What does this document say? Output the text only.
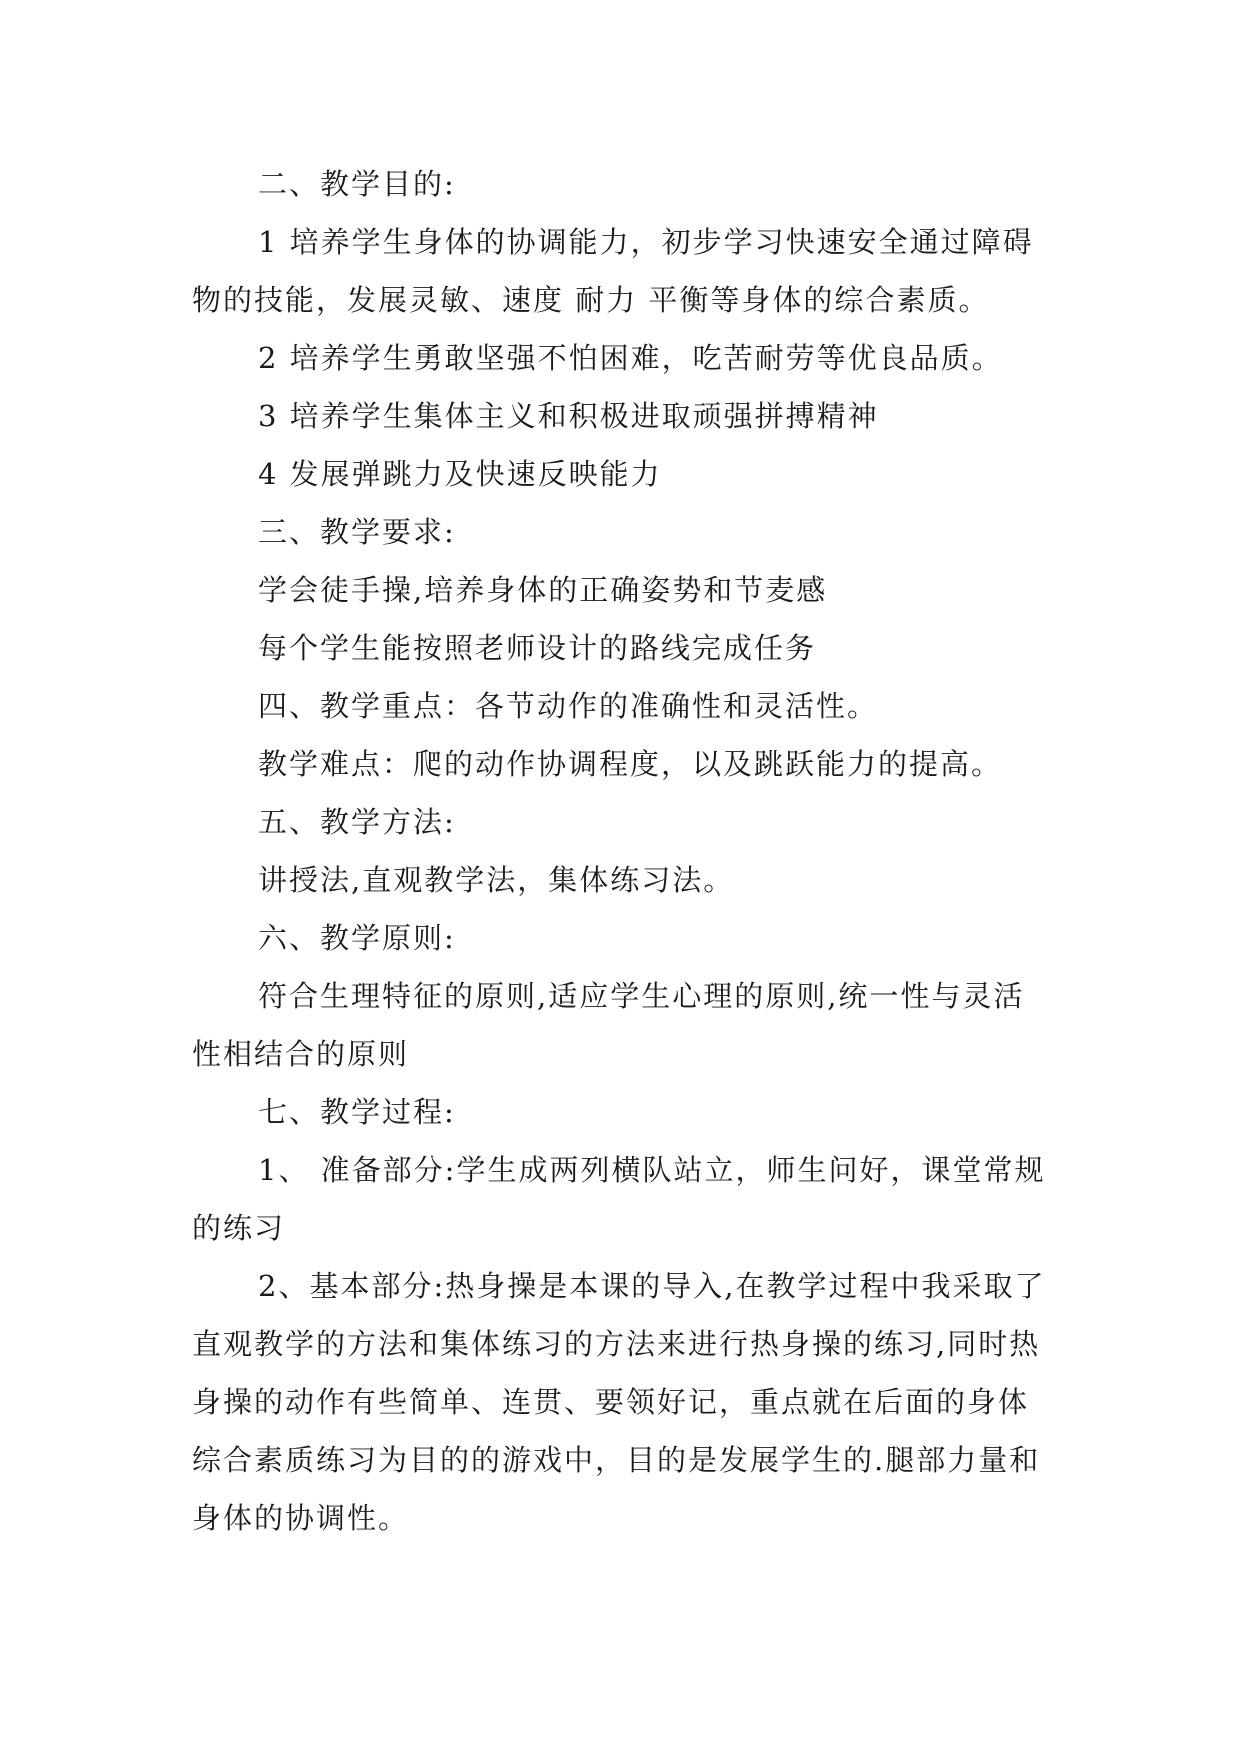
二、教学目的:

1 培养学生身体的协调能力，初步学习快速安全通过障碍物的技能，发展灵敏、速度 耐力 平衡等身体的综合素质。

2 培养学生勇敢坚强不怕困难，吃苦耐劳等优良品质。

3 培养学生集体主义和积极进取顽强拼搏精神

4 发展弹跳力及快速反映能力

三、教学要求:

学会徒手操,培养身体的正确姿势和节麦感

每个学生能按照老师设计的路线完成任务

四、教学重点：各节动作的准确性和灵活性。

教学难点：爬的动作协调程度，以及跳跃能力的提高。

五、教学方法:

讲授法,直观教学法，集体练习法。

六、教学原则:

符合生理特征的原则,适应学生心理的原则,统一性与灵活性相结合的原则

七、教学过程:

1、 准备部分:学生成两列横队站立，师生问好，课堂常规的练习

2、基本部分:热身操是本课的导入,在教学过程中我采取了直观教学的方法和集体练习的方法来进行热身操的练习,同时热身操的动作有些简单、连贯、要领好记，重点就在后面的身体综合素质练习为目的的游戏中，目的是发展学生的.腿部力量和身体的协调性。
